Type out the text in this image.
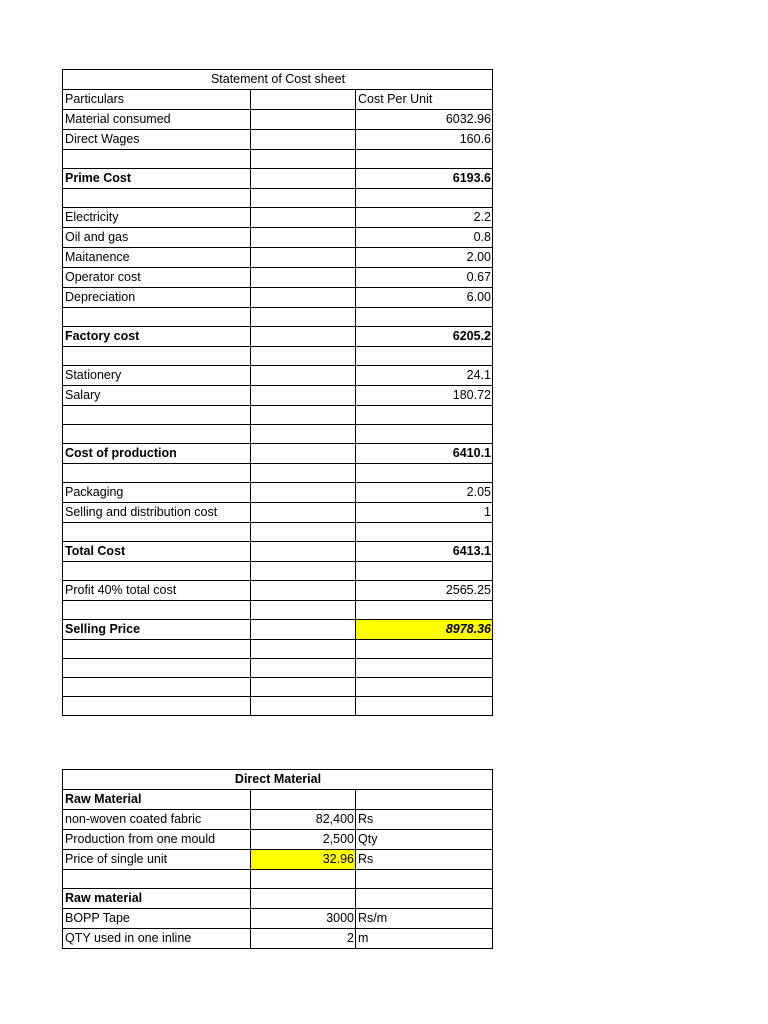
Statement of Cost sheet		
Particulars		Cost Per Unit
Material consumed		6032.96
Direct Wages		160.6

Prime Cost		6193.6

Electricity		2.2
Oil and gas		0.8
Maitanence		2.00
Operator cost		0.67
Depreciation		6.00

Factory cost		6205.2

Stationery		24.1
Salary		180.72

Cost of production		6410.1

Packaging		2.05
Selling and distribution cost		1

Total Cost		6413.1

Profit 40% total cost		2565.25

Selling Price		8978.36

Direct Material		
Raw Material		
non-woven coated fabric	82,400	Rs
Production from one mould	2,500	Qty
Price of single unit	32.96	Rs

Raw material		
BOPP Tape	3000	Rs/m
QTY used in one inline	2	m
